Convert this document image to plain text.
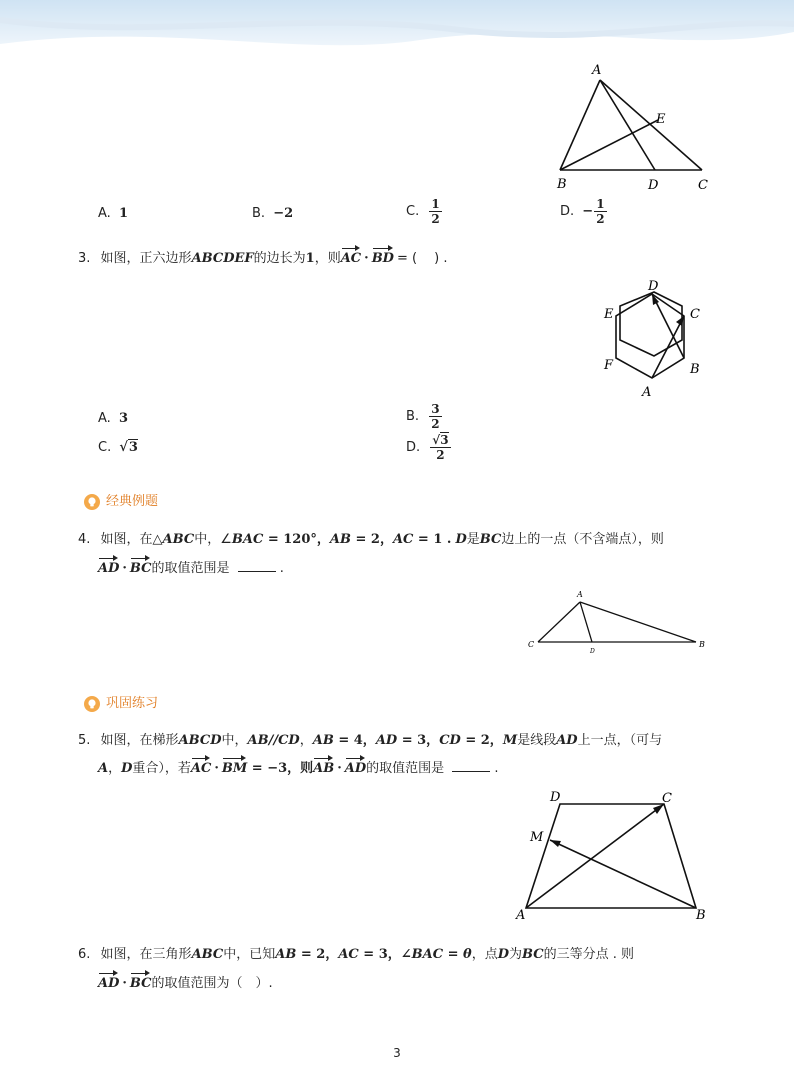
A
E
B	D	C
A. 1	B. −2	C. $\frac{1}{2}$	D. − $\frac{1}{2}$
3. 如图，正六边形ABCDEF的边长为1，则AC · BD = (　 ) .
D
E	C
F	B
A
A. 3	B. $\frac{3}{2}$
C. √3	D. $\frac{√3}{2}$
经典例题
4. 如图，在△ABC中，∠BAC = 120°，AB = 2，AC = 1 . D是BC边上的一点（不含端点），则
AD · BC的取值范围是	.
A
C
D
B
巩固练习
5. 如图，在梯形ABCD中，AB//CD，AB = 4，AD = 3，CD = 2，M是线段AD上一点，（可与
A，D重合），若AC · BM = −3，则AB · AD的取值范围是	.
D	C
M
A	B
6. 如图，在三角形ABC中，已知AB = 2，AC = 3，∠BAC = θ，点D为BC的三等分点 . 则
AD · BC的取值范围为（　）.
3
